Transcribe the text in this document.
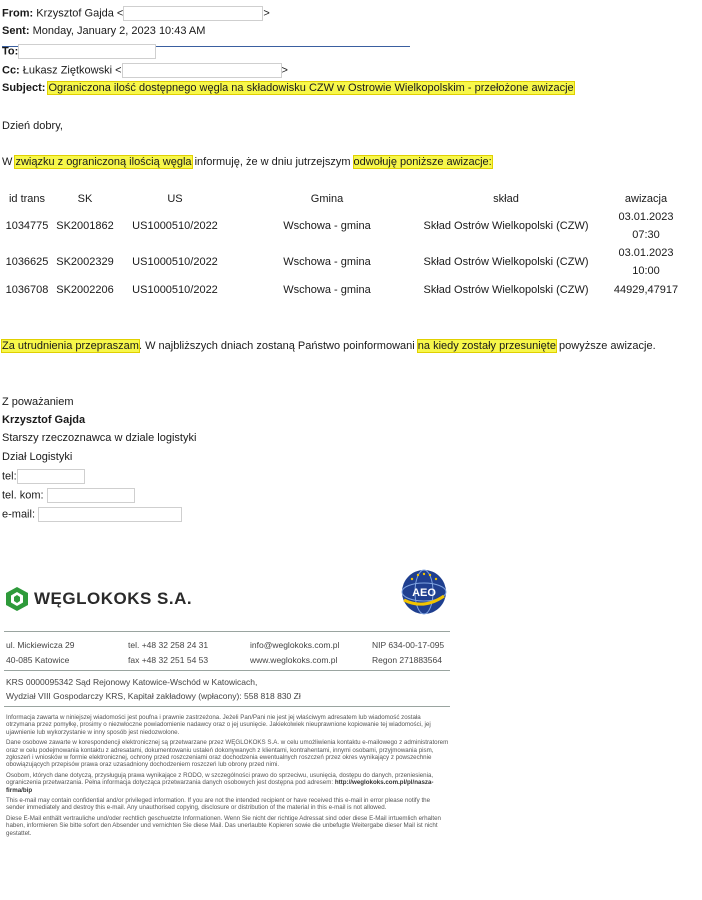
From: Krzysztof Gajda <	>
Sent: Monday, January 2, 2023 10:43 AM
To:
Cc: Łukasz Ziętkowski <	>
Subject: Ograniczona ilość dostępnego węgla na składowisku CZW w Ostrowie Wielkopolskim - przełożone awizacje
Dzień dobry,
W związku z ograniczoną ilością węgla informuję, że w dniu jutrzejszym odwołuję poniższe awizacje:
id trans	SK	US	Gmina	skład	awizacja
1034775	SK2001862	US1000510/2022	Wschowa - gmina	Skład Ostrów Wielkopolski (CZW)	03.01.2023
07:30

1036625	SK2002329	US1000510/2022	Wschowa - gmina	Skład Ostrów Wielkopolski (CZW)	03.01.2023
10:00

1036708	SK2002206	US1000510/2022	Wschowa - gmina	Skład Ostrów Wielkopolski (CZW)	44929,47917
Za utrudnienia przepraszam. W najbliższych dniach zostaną Państwo poinformowani na kiedy zostały przesunięte powyższe awizacje.
Z poważaniem
Krzysztof Gajda
Starszy rzeczoznawca w dziale logistyki
Dział Logistyki
tel:
tel. kom:
e-mail:
WĘGLOKOKS S.A.	AEO
ul. Mickiewicza 29
40-085 Katowice
tel. +48 32 258 24 31
fax +48 32 251 54 53
info@weglokoks.com.pl
www.weglokoks.com.pl
NIP 634-00-17-095
Regon 271883564
KRS 0000095342 Sąd Rejonowy Katowice-Wschód w Katowicach,
Wydział VIII Gospodarczy KRS, Kapitał zakładowy (wpłacony): 558 818 830 Zł

Informacja zawarta w niniejszej wiadomości jest poufna i prawnie zastrzeżona. Jeżeli Pan/Pani nie jest jej właściwym adresatem lub wiadomość została otrzymana przez pomyłkę, prosimy o niezwłoczne powiadomienie nadawcy oraz o jej usunięcie. Jakiekolwiek nieuprawnione kopiowanie tej wiadomości, jej ujawnienie lub wykorzystanie w inny sposób jest niedozwolone.

Dane osobowe zawarte w korespondencji elektronicznej są przetwarzane przez WĘGLOKOKS S.A. w celu umożliwienia kontaktu e-mailowego z administratorem oraz w celu podejmowania kontaktu z adresatami, dokumentowaniu ustaleń dokonywanych z klientami, kontrahentami, innymi osobami, przyjmowania pism, zgłoszeń i wniosków w formie elektronicznej, ochrony przed roszczeniami oraz dochodzenia ewentualnych roszczeń przez okres wynikający z powszechnie obowiązujących przepisów prawa oraz uzasadniony dochodzeniem roszczeń lub obrony przed nimi.

Osobom, których dane dotyczą, przysługują prawa wynikające z RODO, w szczególności prawo do sprzeciwu, usunięcia, dostępu do danych, przeniesienia, ograniczenia przetwarzania. Pełna informacja dotycząca przetwarzania danych osobowych jest dostępna pod adresem: http://weglokoks.com.pl/pl/nasza-firma/bip

This e-mail may contain confidential and/or privileged information. If you are not the intended recipient or have received this e-mail in error please notify the sender immediately and destroy this e-mail. Any unauthorised copying, disclosure or distribution of the material in this e-mail is not allowed.

Diese E-Mail enthält vertrauliche und/oder rechtlich geschuetzte Informationen. Wenn Sie nicht der richtige Adressat sind oder diese E-Mail irrtuemlich erhalten haben, informieren Sie bitte sofort den Absender und vernichten Sie diese Mail. Das unerlaubte Kopieren sowie die unbefugte Weitergabe dieser Mail ist nicht gestattet.
